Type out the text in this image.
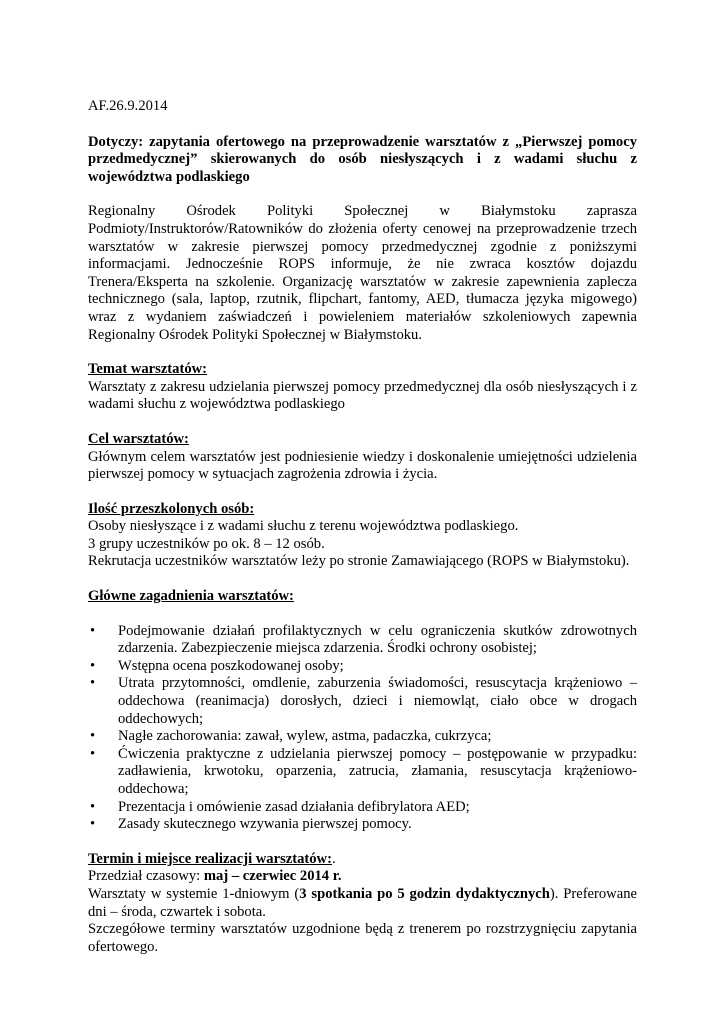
AF.26.9.2014

Dotyczy: zapytania ofertowego na przeprowadzenie warsztatów z „Pierwszej pomocy przedmedycznej” skierowanych do osób niesłyszących i z wadami słuchu z województwa podlaskiego

Regionalny Ośrodek Polityki Społecznej w Białymstoku zaprasza Podmioty/Instruktorów/Ratowników do złożenia oferty cenowej na przeprowadzenie trzech warsztatów w zakresie pierwszej pomocy przedmedycznej zgodnie z poniższymi informacjami. Jednocześnie ROPS informuje, że nie zwraca kosztów dojazdu Trenera/Eksperta na szkolenie. Organizację warsztatów w zakresie zapewnienia zaplecza technicznego (sala, laptop, rzutnik, flipchart, fantomy, AED, tłumacza języka migowego) wraz z wydaniem zaświadczeń i powieleniem materiałów szkoleniowych zapewnia Regionalny Ośrodek Polityki Społecznej w Białymstoku.

Temat warsztatów:

Warsztaty z zakresu udzielania pierwszej pomocy przedmedycznej dla osób niesłyszących i z wadami słuchu z województwa podlaskiego

Cel warsztatów:

Głównym celem warsztatów jest podniesienie wiedzy i doskonalenie umiejętności udzielenia pierwszej pomocy w sytuacjach zagrożenia zdrowia i życia.

Ilość przeszkolonych osób:

Osoby niesłyszące i z wadami słuchu z terenu województwa podlaskiego.

3 grupy uczestników po ok. 8 – 12 osób.

Rekrutacja uczestników warsztatów leży po stronie Zamawiającego (ROPS w Białymstoku).

Główne zagadnienia warsztatów:

• Podejmowanie działań profilaktycznych w celu ograniczenia skutków zdrowotnych zdarzenia. Zabezpieczenie miejsca zdarzenia. Środki ochrony osobistej;
• Wstępna ocena poszkodowanej osoby;
• Utrata przytomności, omdlenie, zaburzenia świadomości, resuscytacja krążeniowo – oddechowa (reanimacja) dorosłych, dzieci i niemowląt, ciało obce w drogach oddechowych;
• Nagłe zachorowania: zawał, wylew, astma, padaczka, cukrzyca;
• Ćwiczenia praktyczne z udzielania pierwszej pomocy – postępowanie w przypadku: zadławienia, krwotoku, oparzenia, zatrucia, złamania, resuscytacja krążeniowo-oddechowa;
• Prezentacja i omówienie zasad działania defibrylatora AED;
• Zasady skutecznego wzywania pierwszej pomocy.

Termin i miejsce realizacji warsztatów:.

Przedział czasowy: maj – czerwiec 2014 r.

Warsztaty w systemie 1-dniowym (3 spotkania po 5 godzin dydaktycznych). Preferowane dni – środa, czwartek i sobota.

Szczegółowe terminy warsztatów uzgodnione będą z trenerem po rozstrzygnięciu zapytania ofertowego.
